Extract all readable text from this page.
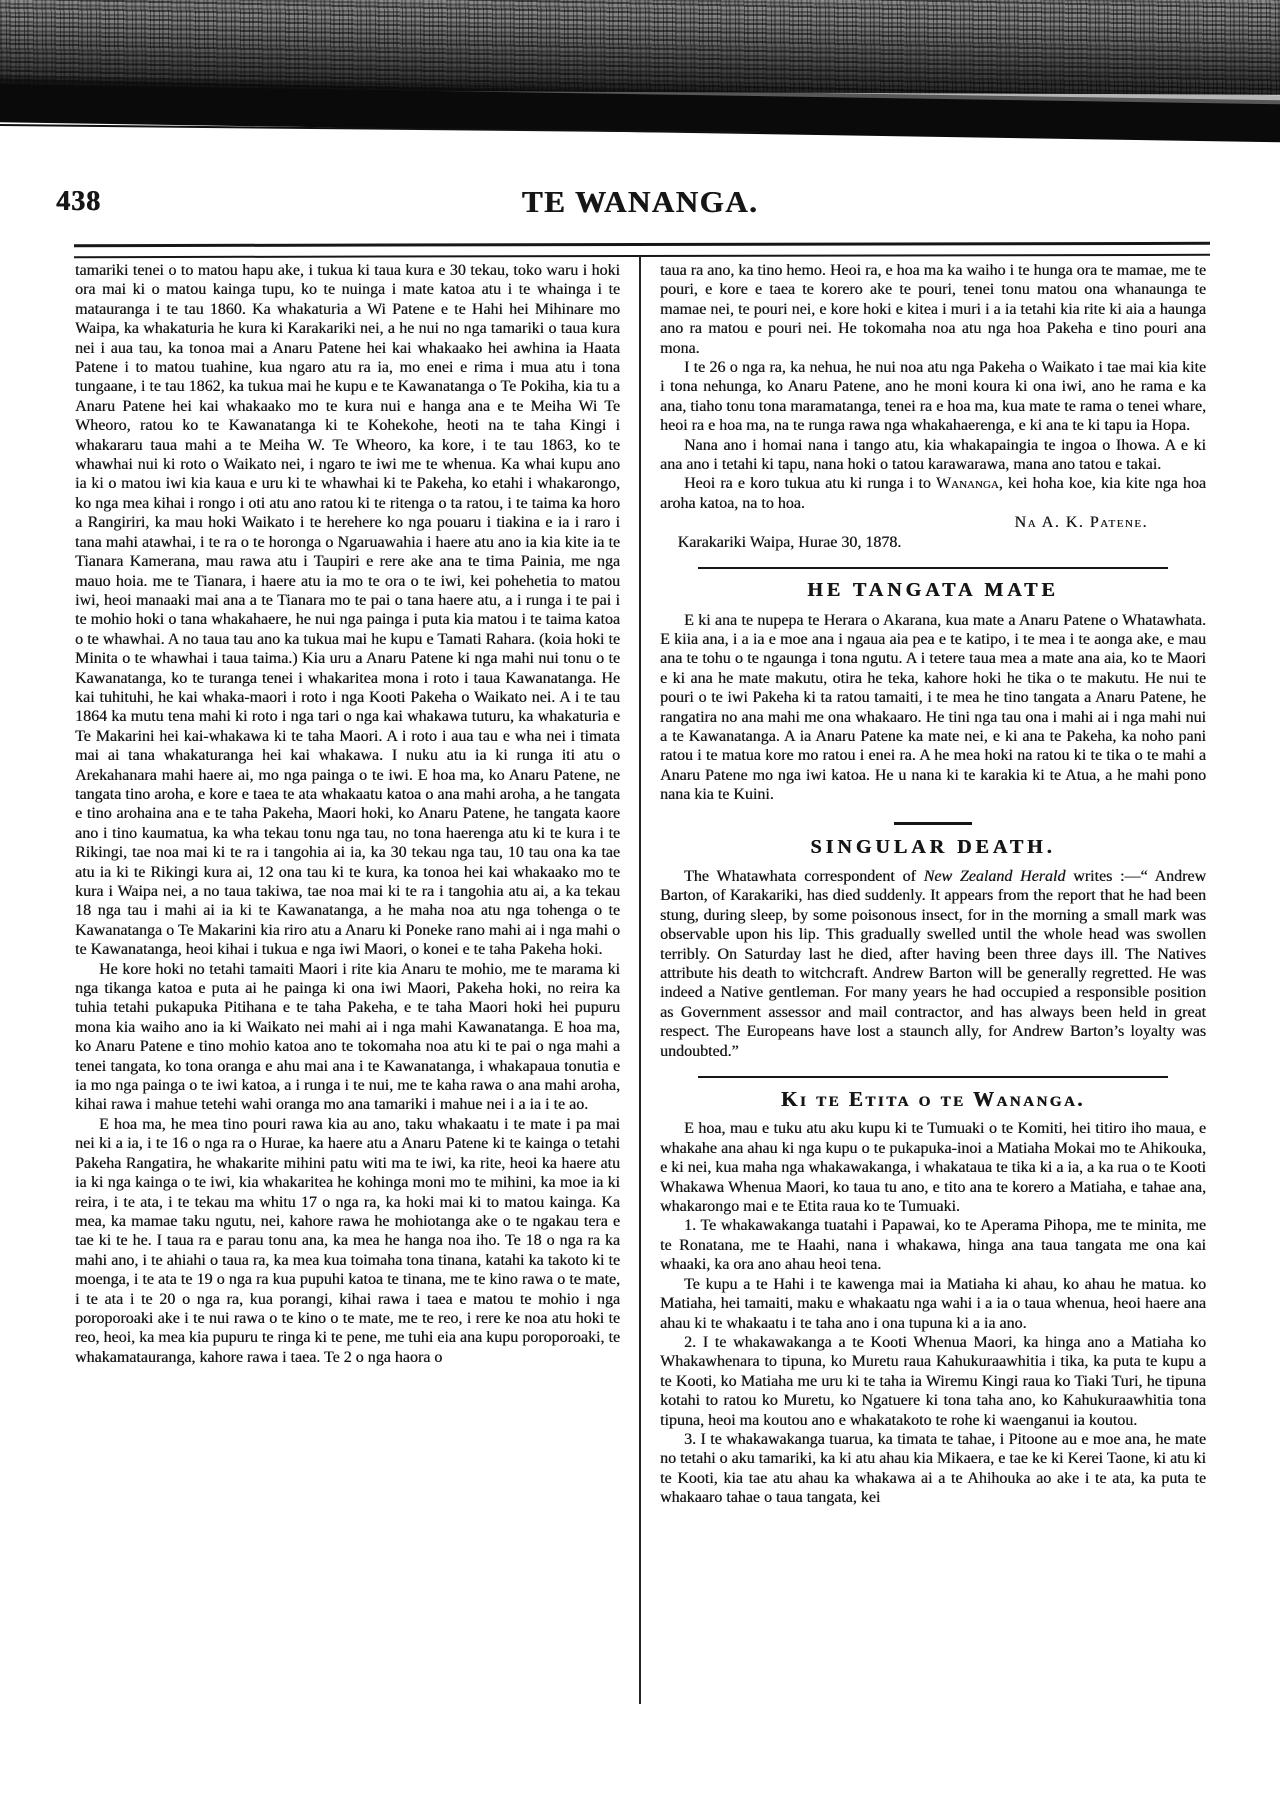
438	TE WANANGA.

tamariki tenei o to matou hapu ake, i tukua ki taua kura e 30 tekau, toko waru i hoki ora mai ki o matou kainga tupu, ko te nuinga i mate katoa atu i te whainga i te matauranga i te tau 1860. Ka whakaturia a Wi Patene e te Hahi hei Mihinare mo Waipa, ka whakaturia he kura ki Karakariki nei, a he nui no nga tamariki o taua kura nei i aua tau, ka tonoa mai a Anaru Patene hei kai whakaako hei awhina ia Haata Patene i to matou tuahine, kua ngaro atu ra ia, mo enei e rima i mua atu i tona tungaane, i te tau 1862, ka tukua mai he kupu e te Kawanatanga o Te Pokiha, kia tu a Anaru Patene hei kai whakaako mo te kura nui e hanga ana e te Meiha Wi Te Wheoro, ratou ko te Kawanatanga ki te Kohekohe, heoti na te taha Kingi i whakararu taua mahi a te Meiha W. Te Wheoro, ka kore, i te tau 1863, ko te whawhai nui ki roto o Waikato nei, i ngaro te iwi me te whenua. Ka whai kupu ano ia ki o matou iwi kia kaua e uru ki te whawhai ki te Pakeha, ko etahi i whakarongo, ko nga mea kihai i rongo i oti atu ano ratou ki te ritenga o ta ratou, i te taima ka horo a Rangiriri, ka mau hoki Waikato i te herehere ko nga pouaru i tiakina e ia i raro i tana mahi atawhai, i te ra o te horonga o Ngaruawahia i haere atu ano ia kia kite ia te Tianara Kamerana, mau rawa atu i Taupiri e rere ake ana te tima Painia, me nga mauo hoia. me te Tianara, i haere atu ia mo te ora o te iwi, kei pohehetia to matou iwi, heoi manaaki mai ana a te Tianara mo te pai o tana haere atu, a i runga i te pai i te mohio hoki o tana whakahaere, he nui nga painga i puta kia matou i te taima katoa o te whawhai. A no taua tau ano ka tukua mai he kupu e Tamati Rahara. (koia hoki te Minita o te whawhai i taua taima.) Kia uru a Anaru Patene ki nga mahi nui tonu o te Kawanatanga, ko te turanga tenei i whakaritea mona i roto i taua Kawanatanga. He kai tuhituhi, he kai whaka-maori i roto i nga Kooti Pakeha o Waikato nei. A i te tau 1864 ka mutu tena mahi ki roto i nga tari o nga kai whakawa tuturu, ka whakaturia e Te Makarini hei kai-whakawa ki te taha Maori. A i roto i aua tau e wha nei i timata mai ai tana whakaturanga hei kai whakawa. I nuku atu ia ki runga iti atu o Arekahanara mahi haere ai, mo nga painga o te iwi. E hoa ma, ko Anaru Patene, ne tangata tino aroha, e kore e taea te ata whakaatu katoa o ana mahi aroha, a he tangata e tino arohaina ana e te taha Pakeha, Maori hoki, ko Anaru Patene, he tangata kaore ano i tino kaumatua, ka wha tekau tonu nga tau, no tona haerenga atu ki te kura i te Rikingi, tae noa mai ki te ra i tangohia ai ia, ka 30 tekau nga tau, 10 tau ona ka tae atu ia ki te Rikingi kura ai, 12 ona tau ki te kura, ka tonoa hei kai whakaako mo te kura i Waipa nei, a no taua takiwa, tae noa mai ki te ra i tangohia atu ai, a ka tekau 18 nga tau i mahi ai ia ki te Kawanatanga, a he maha noa atu nga tohenga o te Kawanatanga o Te Makarini kia riro atu a Anaru ki Poneke rano mahi ai i nga mahi o te Kawanatanga, heoi kihai i tukua e nga iwi Maori, o konei e te taha Pakeha hoki.

He kore hoki no tetahi tamaiti Maori i rite kia Anaru te mohio, me te marama ki nga tikanga katoa e puta ai he painga ki ona iwi Maori, Pakeha hoki, no reira ka tuhia tetahi pukapuka Pitihana e te taha Pakeha, e te taha Maori hoki hei pupuru mona kia waiho ano ia ki Waikato nei mahi ai i nga mahi Kawanatanga. E hoa ma, ko Anaru Patene e tino mohio katoa ano te tokomaha noa atu ki te pai o nga mahi a tenei tangata, ko tona oranga e ahu mai ana i te Kawanatanga, i whakapaua tonutia e ia mo nga painga o te iwi katoa, a i runga i te nui, me te kaha rawa o ana mahi aroha, kihai rawa i mahue tetehi wahi oranga mo ana tamariki i mahue nei i a ia i te ao.

E hoa ma, he mea tino pouri rawa kia au ano, taku whakaatu i te mate i pa mai nei ki a ia, i te 16 o nga ra o Hurae, ka haere atu a Anaru Patene ki te kainga o tetahi Pakeha Rangatira, he whakarite mihini patu witi ma te iwi, ka rite, heoi ka haere atu ia ki nga kainga o te iwi, kia whakaritea he kohinga moni mo te mihini, ka moe ia ki reira, i te ata, i te tekau ma whitu 17 o nga ra, ka hoki mai ki to matou kainga. Ka mea, ka mamae taku ngutu, nei, kahore rawa he mohiotanga ake o te ngakau tera e tae ki te he. I taua ra e parau tonu ana, ka mea he hanga noa iho. Te 18 o nga ra ka mahi ano, i te ahiahi o taua ra, ka mea kua toimaha tona tinana, katahi ka takoto ki te moenga, i te ata te 19 o nga ra kua pupuhi katoa te tinana, me te kino rawa o te mate, i te ata i te 20 o nga ra, kua porangi, kihai rawa i taea e matou te mohio i nga poroporoaki ake i te nui rawa o te kino o te mate, me te reo, i rere ke noa atu hoki te reo, heoi, ka mea kia pupuru te ringa ki te pene, me tuhi eia ana kupu poroporoaki, te whakamatauranga, kahore rawa i taea. Te 2 o nga haora o

taua ra ano, ka tino hemo. Heoi ra, e hoa ma ka waiho i te hunga ora te mamae, me te pouri, e kore e taea te korero ake te pouri, tenei tonu matou ona whanaunga te mamae nei, te pouri nei, e kore hoki e kitea i muri i a ia tetahi kia rite ki aia a haunga ano ra matou e pouri nei. He tokomaha noa atu nga hoa Pakeha e tino pouri ana mona.

I te 26 o nga ra, ka nehua, he nui noa atu nga Pakeha o Waikato i tae mai kia kite i tona nehunga, ko Anaru Patene, ano he moni koura ki ona iwi, ano he rama e ka ana, tiaho tonu tona maramatanga, tenei ra e hoa ma, kua mate te rama o tenei whare, heoi ra e hoa ma, na te runga rawa nga whakahaerenga, e ki ana te ki tapu ia Hopa.

Nana ano i homai nana i tango atu, kia whakapaingia te ingoa o Ihowa. A e ki ana ano i tetahi ki tapu, nana hoki o tatou karawarawa, mana ano tatou e takai.

Heoi ra e koro tukua atu ki runga i to Wananga, kei hoha koe, kia kite nga hoa aroha katoa, na to hoa.

Na A. K. Patene.

Karakariki Waipa, Hurae 30, 1878.

HE TANGATA MATE

E ki ana te nupepa te Herara o Akarana, kua mate a Anaru Patene o Whatawhata. E kiia ana, i a ia e moe ana i ngaua aia pea e te katipo, i te mea i te aonga ake, e mau ana te tohu o te ngaunga i tona ngutu. A i tetere taua mea a mate ana aia, ko te Maori e ki ana he mate makutu, otira he teka, kahore hoki he tika o te makutu. He nui te pouri o te iwi Pakeha ki ta ratou tamaiti, i te mea he tino tangata a Anaru Patene, he rangatira no ana mahi me ona whakaaro. He tini nga tau ona i mahi ai i nga mahi nui a te Kawanatanga. A ia Anaru Patene ka mate nei, e ki ana te Pakeha, ka noho pani ratou i te matua kore mo ratou i enei ra. A he mea hoki na ratou ki te tika o te mahi a Anaru Patene mo nga iwi katoa. He u nana ki te karakia ki te Atua, a he mahi pono nana kia te Kuini.

SINGULAR DEATH.

The Whatawhata correspondent of New Zealand Herald writes :—“ Andrew Barton, of Karakariki, has died suddenly. It appears from the report that he had been stung, during sleep, by some poisonous insect, for in the morning a small mark was observable upon his lip. This gradually swelled until the whole head was swollen terribly. On Saturday last he died, after having been three days ill. The Natives attribute his death to witchcraft. Andrew Barton will be generally regretted. He was indeed a Native gentleman. For many years he had occupied a responsible position as Government assessor and mail contractor, and has always been held in great respect. The Europeans have lost a staunch ally, for Andrew Barton’s loyalty was undoubted.”

Ki te Etita o te Wananga.

E hoa, mau e tuku atu aku kupu ki te Tumuaki o te Komiti, hei titiro iho maua, e whakahe ana ahau ki nga kupu o te pukapuka-inoi a Matiaha Mokai mo te Ahikouka, e ki nei, kua maha nga whakawakanga, i whakataua te tika ki a ia, a ka rua o te Kooti Whakawa Whenua Maori, ko taua tu ano, e tito ana te korero a Matiaha, e tahae ana, whakarongo mai e te Etita raua ko te Tumuaki.

1. Te whakawakanga tuatahi i Papawai, ko te Aperama Pihopa, me te minita, me te Ronatana, me te Haahi, nana i whakawa, hinga ana taua tangata me ona kai whaaki, ka ora ano ahau heoi tena.

Te kupu a te Hahi i te kawenga mai ia Matiaha ki ahau, ko ahau he matua. ko Matiaha, hei tamaiti, maku e whakaatu nga wahi i a ia o taua whenua, heoi haere ana ahau ki te whakaatu i te taha ano i ona tupuna ki a ia ano.

2. I te whakawakanga a te Kooti Whenua Maori, ka hinga ano a Matiaha ko Whakawhenara to tipuna, ko Muretu raua Kahukuraawhitia i tika, ka puta te kupu a te Kooti, ko Matiaha me uru ki te taha ia Wiremu Kingi raua ko Tiaki Turi, he tipuna kotahi to ratou ko Muretu, ko Ngatuere ki tona taha ano, ko Kahukuraawhitia tona tipuna, heoi ma koutou ano e whakatakoto te rohe ki waenganui ia koutou.

3. I te whakawakanga tuarua, ka timata te tahae, i Pitoone au e moe ana, he mate no tetahi o aku tamariki, ka ki atu ahau kia Mikaera, e tae ke ki Kerei Taone, ki atu ki te Kooti, kia tae atu ahau ka whakawa ai a te Ahihouka ao ake i te ata, ka puta te whakaaro tahae o taua tangata, kei
